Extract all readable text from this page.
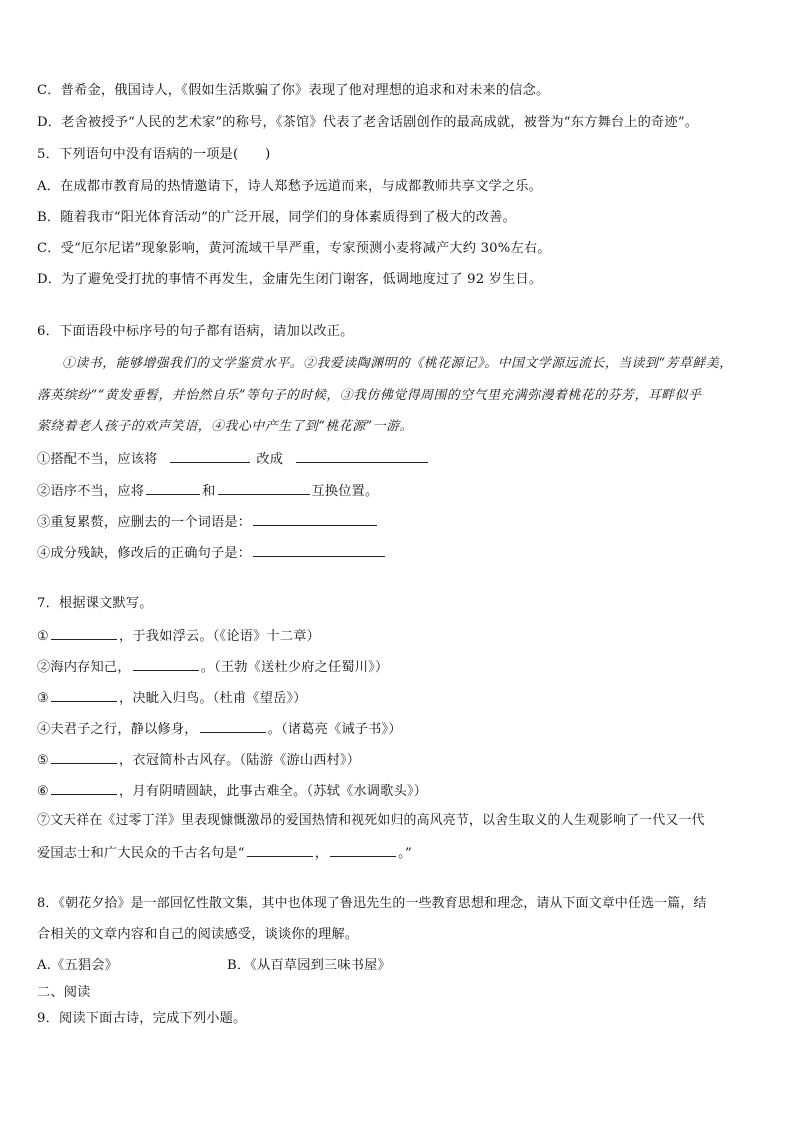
C．普希金，俄国诗人，《假如生活欺骗了你》表现了他对理想的追求和对未来的信念。
D．老舍被授予“人民的艺术家”的称号，《茶馆》代表了老舍话剧创作的最高成就，被誉为“东方舞台上的奇迹”。
5．下列语句中没有语病的一项是(　　)
A．在成都市教育局的热情邀请下，诗人郑愁予远道而来，与成都教师共享文学之乐。
B．随着我市“阳光体育活动”的广泛开展，同学们的身体素质得到了极大的改善。
C．受“厄尔尼诺”现象影响，黄河流域干旱严重，专家预测小麦将减产大约 30%左右。
D．为了避免受打扰的事情不再发生，金庸先生闭门谢客，低调地度过了 92 岁生日。
6．下面语段中标序号的句子都有语病，请加以改正。
①读书，能够增强我们的文学鉴赏水平。②我爱读陶渊明的《桃花源记》。中国文学源远流长，当读到“芳草鲜美，
落英缤纷”“黄发垂髫，并怡然自乐”等句子的时候，③我仿佛觉得周围的空气里充满弥漫着桃花的芬芳，耳畔似乎
萦绕着老人孩子的欢声笑语，④我心中产生了到“桃花源”一游。
①搭配不当，应该将	改成
②语序不当，应将	和	互换位置。
③重复累赘，应删去的一个词语是：
④成分残缺，修改后的正确句子是：
7．根据课文默写。
①	，于我如浮云。（《论语》十二章）
②海内存知己，	。（王勃《送杜少府之任蜀川》）
③	，决眦入归鸟。（杜甫《望岳》）
④夫君子之行，静以修身，	。（诸葛亮《诫子书》）
⑤	，衣冠简朴古风存。（陆游《游山西村》）
⑥	，月有阴晴圆缺，此事古难全。（苏轼《水调歌头》）
⑦文天祥在《过零丁洋》里表现慷慨激昂的爱国热情和视死如归的高风亮节，以舍生取义的人生观影响了一代又一代
爱国志士和广大民众的千古名句是“	，	。”
8．《朝花夕拾》是一部回忆性散文集，其中也体现了鲁迅先生的一些教育思想和理念，请从下面文章中任选一篇，结
合相关的文章内容和自己的阅读感受，谈谈你的理解。
A.《五猖会》	B．《从百草园到三味书屋》
二、阅读
9．阅读下面古诗，完成下列小题。
